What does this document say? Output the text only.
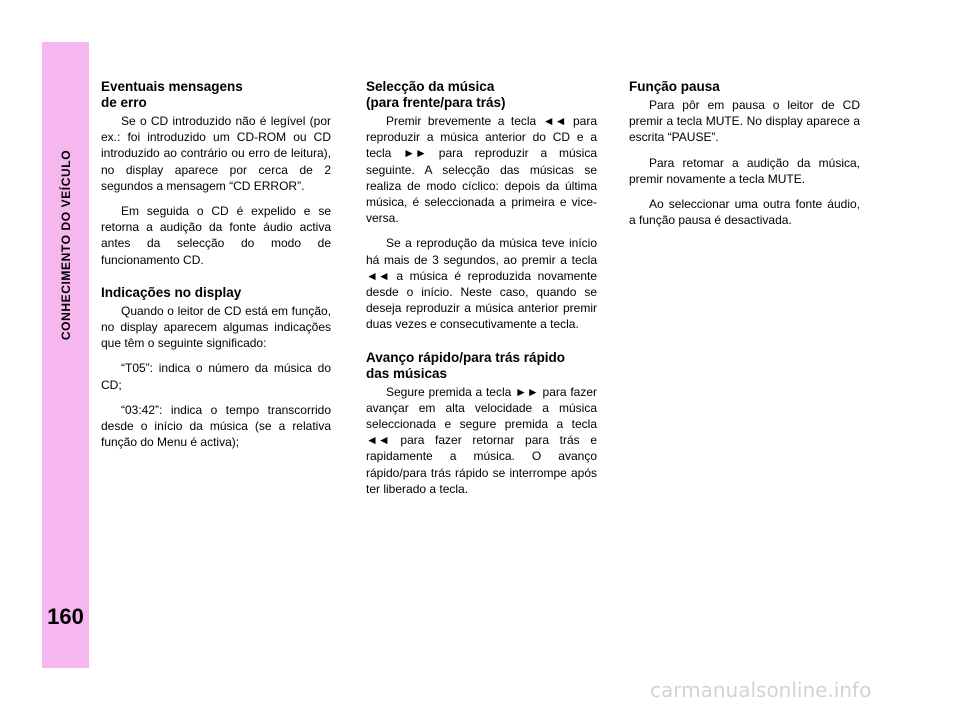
CONHECIMENTO DO VEÍCULO
160
Eventuais mensagens
de erro

Se o CD introduzido não é legível (por ex.: foi introduzido um CD-ROM ou CD introduzido ao contrário ou erro de leitura), no display aparece por cerca de 2 segundos a mensagem “CD ERROR”.

Em seguida o CD é expelido e se retorna a audição da fonte áudio activa antes da selecção do modo de funcionamento CD.

Indicações no display

Quando o leitor de CD está em função, no display aparecem algumas indicações que têm o seguinte significado:

“T05”: indica o número da música do CD;

“03:42”: indica o tempo transcorrido desde o início da música (se a relativa função do Menu é activa);

Selecção da música
(para frente/para trás)

Premir brevemente a tecla ◄◄ para reproduzir a música anterior do CD e a tecla ►► para reproduzir a música seguinte. A selecção das músicas se realiza de modo cíclico: depois da última música, é seleccionada a primeira e vice-versa.

Se a reprodução da música teve início há mais de 3 segundos, ao premir a tecla ◄◄ a música é reproduzida novamente desde o início. Neste caso, quando se deseja reproduzir a música anterior premir duas vezes e consecutivamente a tecla.

Avanço rápido/para trás rápido
das músicas

Segure premida a tecla ►► para fazer avançar em alta velocidade a música seleccionada e segure premida a tecla ◄◄ para fazer retornar para trás e rapidamente a música. O avanço rápido/para trás rápido se interrompe após ter liberado a tecla.

Função pausa

Para pôr em pausa o leitor de CD premir a tecla MUTE. No display aparece a escrita “PAUSE”.

Para retomar a audição da música, premir novamente a tecla MUTE.

Ao seleccionar uma outra fonte áudio, a função pausa é desactivada.

carmanualsonline.info
